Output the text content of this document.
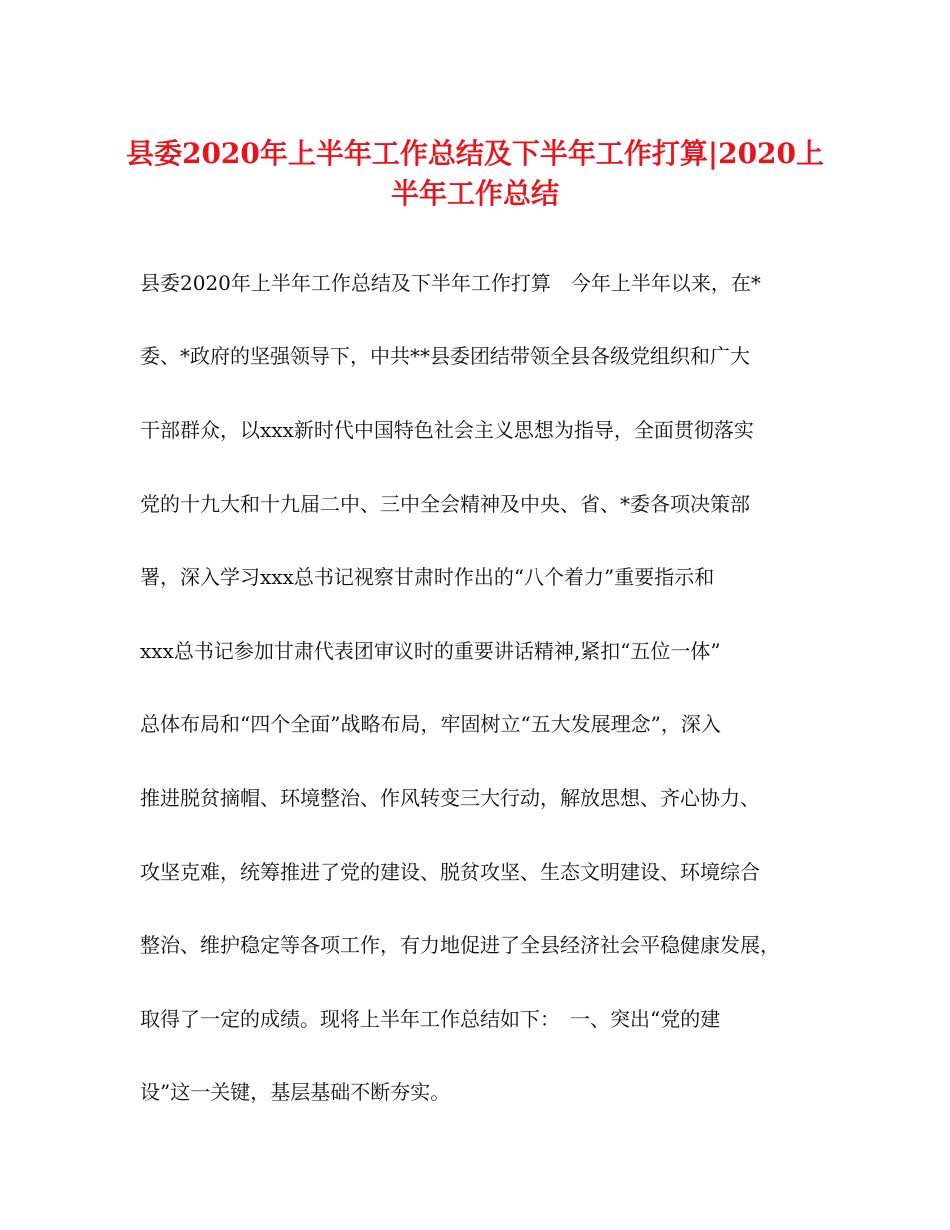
县委2020年上半年工作总结及下半年工作打算|2020上
半年工作总结
县委2020年上半年工作总结及下半年工作打算　今年上半年以来，在*
委、*政府的坚强领导下，中共**县委团结带领全县各级党组织和广大
干部群众，以xxx新时代中国特色社会主义思想为指导，全面贯彻落实
党的十九大和十九届二中、三中全会精神及中央、省、*委各项决策部
署，深入学习xxx总书记视察甘肃时作出的“八个着力”重要指示和
xxx总书记参加甘肃代表团审议时的重要讲话精神,紧扣“五位一体”
总体布局和“四个全面”战略布局，牢固树立“五大发展理念”，深入
推进脱贫摘帽、环境整治、作风转变三大行动，解放思想、齐心协力、
攻坚克难，统筹推进了党的建设、脱贫攻坚、生态文明建设、环境综合
整治、维护稳定等各项工作，有力地促进了全县经济社会平稳健康发展，
取得了一定的成绩。现将上半年工作总结如下：　一、突出“党的建
设”这一关键，基层基础不断夯实。
